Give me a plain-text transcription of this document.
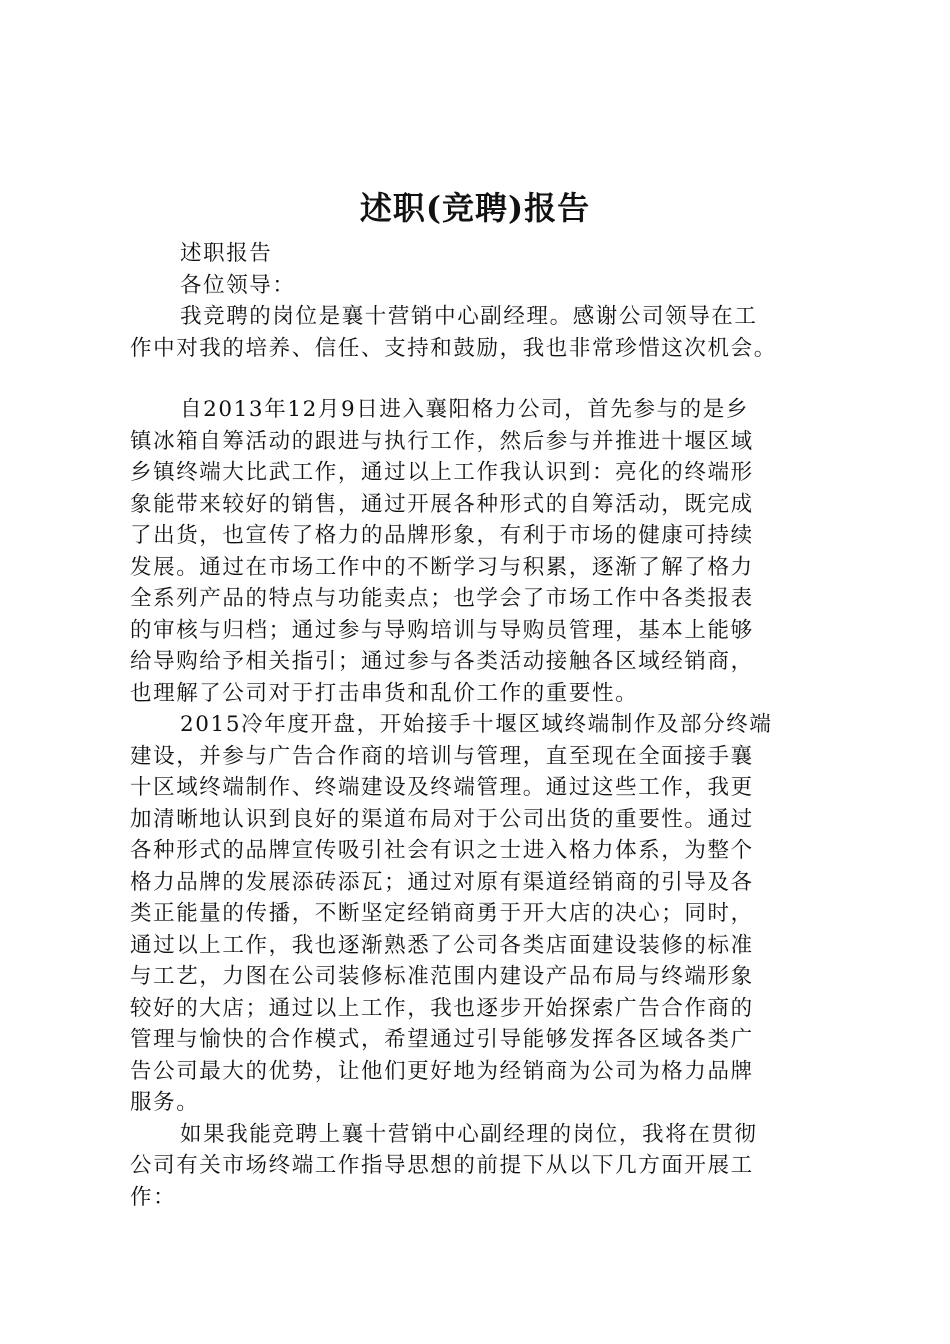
述职(竞聘)报告
述职报告
各位领导：
我竞聘的岗位是襄十营销中心副经理。感谢公司领导在工
作中对我的培养、信任、支持和鼓励，我也非常珍惜这次机会。
自2013年12月9日进入襄阳格力公司，首先参与的是乡
镇冰箱自筹活动的跟进与执行工作，然后参与并推进十堰区域
乡镇终端大比武工作，通过以上工作我认识到：亮化的终端形
象能带来较好的销售，通过开展各种形式的自筹活动，既完成
了出货，也宣传了格力的品牌形象，有利于市场的健康可持续
发展。通过在市场工作中的不断学习与积累，逐渐了解了格力
全系列产品的特点与功能卖点；也学会了市场工作中各类报表
的审核与归档；通过参与导购培训与导购员管理，基本上能够
给导购给予相关指引；通过参与各类活动接触各区域经销商，
也理解了公司对于打击串货和乱价工作的重要性。
2015冷年度开盘，开始接手十堰区域终端制作及部分终端
建设，并参与广告合作商的培训与管理，直至现在全面接手襄
十区域终端制作、终端建设及终端管理。通过这些工作，我更
加清晰地认识到良好的渠道布局对于公司出货的重要性。通过
各种形式的品牌宣传吸引社会有识之士进入格力体系，为整个
格力品牌的发展添砖添瓦；通过对原有渠道经销商的引导及各
类正能量的传播，不断坚定经销商勇于开大店的决心；同时，
通过以上工作，我也逐渐熟悉了公司各类店面建设装修的标准
与工艺，力图在公司装修标准范围内建设产品布局与终端形象
较好的大店；通过以上工作，我也逐步开始探索广告合作商的
管理与愉快的合作模式，希望通过引导能够发挥各区域各类广
告公司最大的优势，让他们更好地为经销商为公司为格力品牌
服务。
如果我能竞聘上襄十营销中心副经理的岗位，我将在贯彻
公司有关市场终端工作指导思想的前提下从以下几方面开展工
作：
